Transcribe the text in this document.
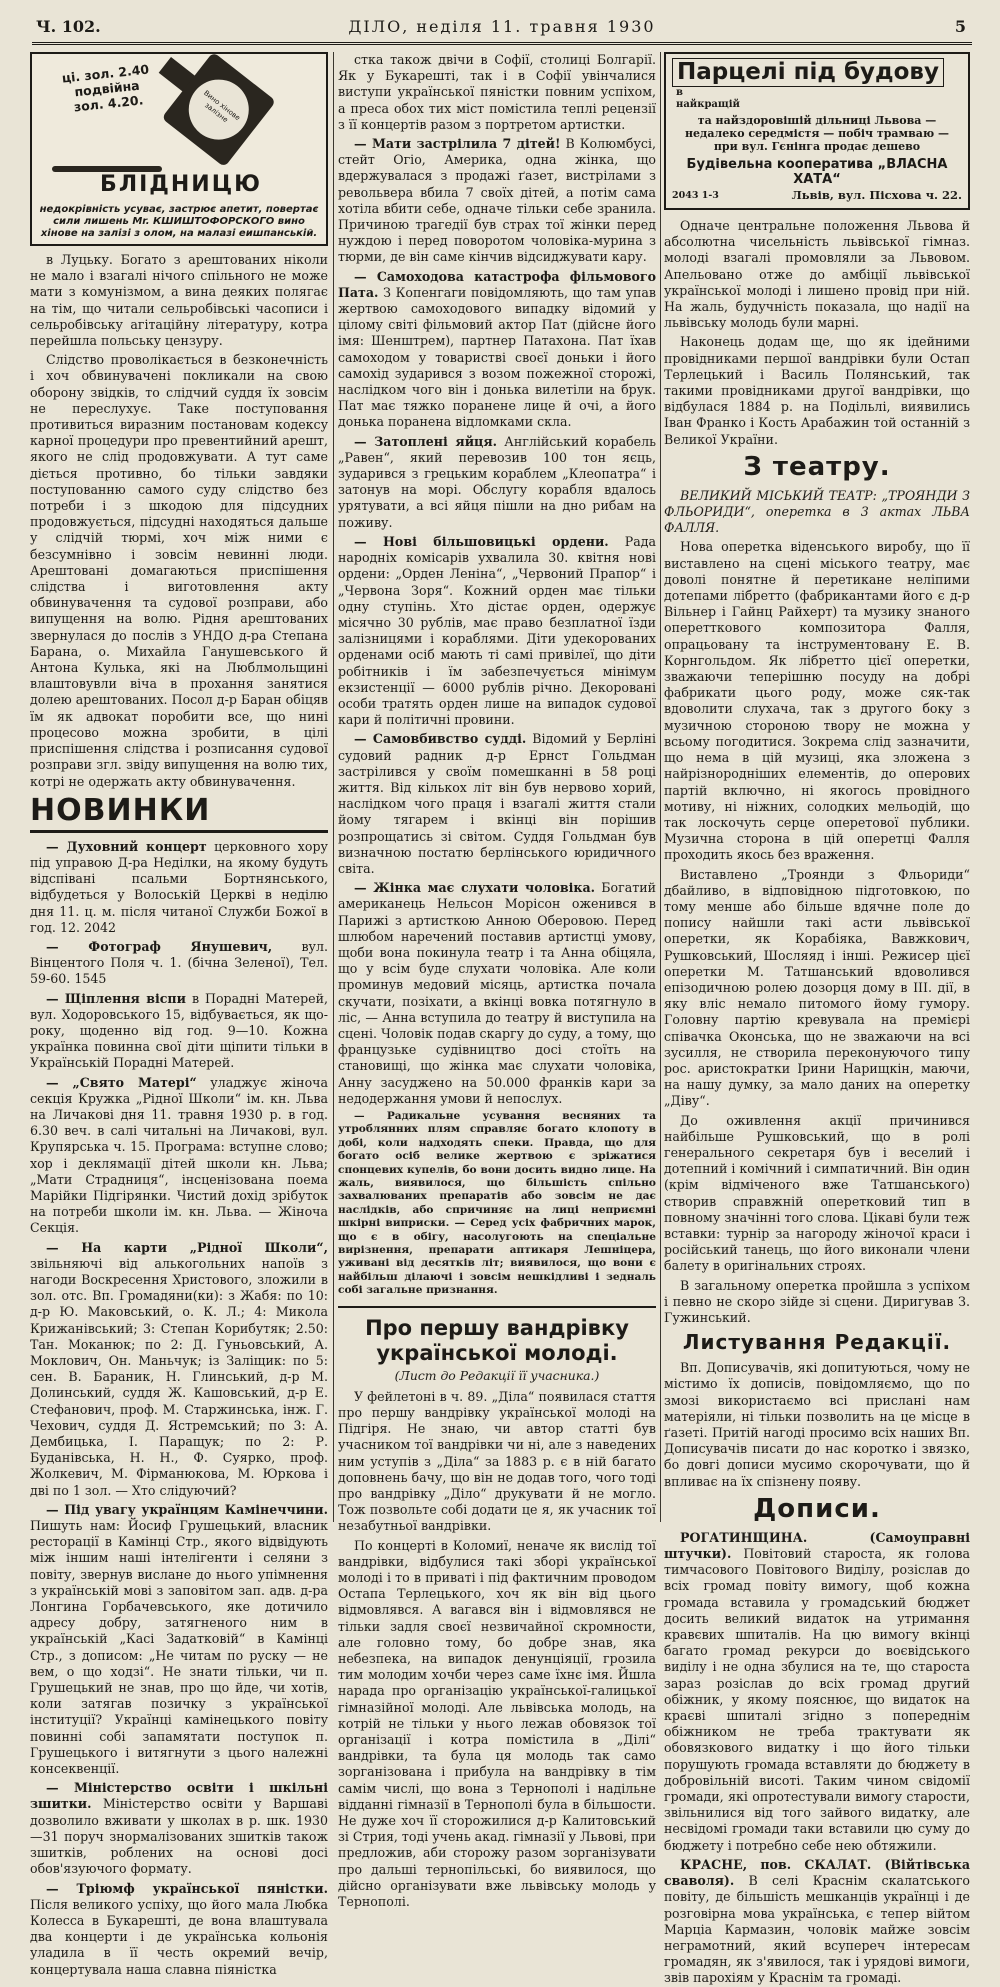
Ч. 102.	ДІЛО, неділя 11. травня 1930	5
ці. зол. 2.40 подвійна зол. 4.20.	Вино хінове залізне
БЛІДНИЦЮ
недокрівність усуває, застрює апетит, повертає сили лишень Мr. КШИШТОФОРСКОГО вино хінове на залізі з олом, на малазі еишпанській.

в Луцьку. Богато з арештованих ніколи не мало і взагалі нічого спільного не може мати з комунізмом, а вина деяких полягає на тім, що читали сельробівські часописи і сельробівську агітаційну літературу, котра перейшла польську цензуру.

Слідство проволікається в безконечність і хоч обвинувачені покликали на свою оборону звідків, то слідчий суддя їх зовсім не переслухує. Таке поступовання противиться виразним постановам кодексу карної процедури про превентийний арешт, якого не слід продовжувати. А тут саме діється противно, бо тільки завдяки поступованню самого суду слідство без потреби і з шкодою для підсудних продовжується, підсудні находяться дальше у слідчій тюрмі, хоч між ними є безсумнівно і зовсім невинні люди. Арештовані домагаються приспішення слідства і виготовлення акту обвинувачення та судової розправи, або випущення на волю. Рідня арештованих звернулася до послів з УНДО д-ра Степана Барана, о. Михайла Ганушевського й Антона Кулька, які на Люблмольщині влаштовувли віча в прохання занятися долею арештованих. Посол д-р Баран обіцяв їм як адвокат поробити все, що нині процесово можна зробити, в цілі приспішення слідства і розписання судової розправи згл. звіду випущення на волю тих, котрі не одержать акту обвинувачення.

НОВИНКИ

— Духовний концерт церковного хору під управою Д-ра Неділки, на якому будуть відспівані псальми Бортнянського, відбудеться у Волоській Церкві в неділю дня 11. ц. м. після читаної Служби Божої в год. 12. 2042

— Фотограф Янушевич, вул. Вінцентого Поля ч. 1. (бічна Зеленої), Тел. 59-60. 1545

— Щіплення віспи в Порадні Матерей, вул. Ходоровського 15, відбувається, як що-року, щоденно від год. 9—10. Кожна українка повинна свої діти щіпити тільки в Українській Порадні Матерей.

— „Свято Матері“ уладжує жіноча секція Кружка „Рідної Школи“ ім. кн. Льва на Личакові дня 11. травня 1930 р. в год. 6.30 веч. в салі читальні на Личакові, вул. Крупярська ч. 15. Програма: вступне слово; хор і деклямації дітей школи кн. Льва; „Мати Страдниця“, інсценізована поема Марійки Підгірянки. Чистий дохід зрібуток на потреби школи ім. кн. Льва. — Жіноча Секція.

— На карти „Рідної Школи“, звільняючі від алькогольних напоїв з нагоди Воскресення Христового, зложили в зол. отс. Вп. Громадяни(ки): з Жабя: по 10: д-р Ю. Маковський, о. К. Л.; 4: Микола Крижанівський; 3: Степан Корибутяк; 2.50: Тан. Моканюк; по 2: Д. Гуньовський, А. Моклович, Он. Маньчук; із Заліщик: по 5: сен. В. Бараник, Н. Глинський, д-р М. Долинський, суддя Ж. Кашовський, д-р Е. Стефанович, проф. М. Старжинська, інж. Г. Чехович, суддя Д. Ястремський; по 3: А. Дембицька, І. Паращук; по 2: Р. Буданівська, Н. Н., Ф. Суярко, проф. Жолкевич, М. Фірманюкова, М. Юркова і дві по 1 зол. — Хто слідуючий?

— Під увагу українцям Камінеччини. Пишуть нам: Йосиф Грушецький, власник ресторації в Камінці Стр., якого відвідують між іншим наші інтелігенти і селяни з повіту, звернув вислане до нього упімнення з українській мові з заповітом зап. адв. д-ра Лонгина Горбачевського, яке дотичило адресу добру, затягненого ним в українській „Касі Задатковій“ в Камінці Стр., з дописом: „Не читам по руску — не вем, о що ходзі“. Не знати тільки, чи п. Грушецький не знав, про що йде, чи хотів, коли затягав позичку з української інституції? Українці камінецького повіту повинні собі запамятати поступок п. Грушецького і витягнути з цього належні консеквенції.

— Міністерство освіти і шкільні зшитки. Міністерство освіти у Варшаві дозволило вживати у школах в р. шк. 1930—31 поруч знормалізованих зшитків також зшитків, роблених на основі досі обов'язуючого формату.

— Тріюмф української пяністки. Після великого успіху, що його мала Любка Колесса в Букарешті, де вона влаштувала два концерти і де українська кольонія уладила в її честь окремий вечір, концертувала наша славна піяністка

стка також двічи в Софії, столиці Болгарії. Як у Букарешті, так і в Софії увінчалися виступи української пяністки повним успіхом, а преса обох тих міст помістила теплі рецензії з її концертів разом з портретом артистки.

— Мати застрілила 7 дітей! В Колюмбусі, стейт Огіо, Америка, одна жінка, що вдержувалася з продажі ґазет, вистрілами з револьвера вбила 7 своїх дітей, а потім сама хотіла вбити себе, одначе тільки себе зранила. Причиною трагедії був страх тої жінки перед нуждою і перед поворотом чоловіка-мурина з тюрми, де він саме кінчив відсиджувати кару.

— Самоходова катастрофа фільмового Пата. З Копенгаги повідомляють, що там упав жертвою самоходового випадку відомий у цілому світі фільмовий актор Пат (дійсне його імя: Шенштрем), партнер Патахона. Пат їхав самоходом у товаристві своєї доньки і його самохід зударився з возом пожежної сторожі, наслідком чого він і донька вилетіли на брук. Пат має тяжко поранене лице й очі, а його донька поранена відломками скла.

— Затоплені яйця. Англійський корабель „Равен“, який перевозив 100 тон яєць, зударився з грецьким кораблем „Клеопатра“ і затонув на морі. Обслугу корабля вдалось урятувати, а всі яйця пішли на дно рибам на поживу.

— Нові більшовицькі ордени. Рада народніх комісарів ухвалила 30. квітня нові ордени: „Орден Леніна“, „Червоний Прапор“ і „Червона Зоря“. Кожний орден має тільки одну ступінь. Хто дістає орден, одержує місячно 30 рублів, має право безплатної їзди залізницями і кораблями. Діти удекорованих орденами осіб мають ті самі привілеї, що діти робітників і їм забезпечується мінімум екзистенції — 6000 рублів річно. Декоровані особи тратять орден лише на випадок судової кари й політичні провини.

— Самовбивство судді. Відомий у Берліні судовий радник д-р Ернст Гольдман застрілився у своїм помешканні в 58 році життя. Від кількох літ він був нервово хорий, наслідком чого праця і взагалі життя стали йому тягарем і вкінці він порішив розпрощатись зі світом. Суддя Гольдман був визначною постатю берлінського юридичного світа.

— Жінка має слухати чоловіка. Богатий американець Нельсон Морісон оженився в Парижі з артисткою Анною Оберовою. Перед шлюбом наречений поставив артистці умову, щоби вона покинула театр і та Анна обіцяла, що у всім буде слухати чоловіка. Але коли проминув медовий місяць, артистка почала скучати, позіхати, а вкінці вовка потягнуло в ліс, — Анна вступила до театру й виступила на сцені. Чоловік подав скаргу до суду, а тому, що французьке судівництво досі стоїть на становищі, що жінка має слухати чоловіка, Анну засуджено на 50.000 франків кари за недодержання умови й непослух.

— Радикальне усування весняних та утроблянних плям справляє богато клопоту в добі, коли надходять спеки. Правда, що для богато осіб велике жертвою є зріжатися спонцевих купелів, бо вони досить видно лице. На жаль, виявилося, що більшість спільно захвалюваних препаратів або зовсім не дає наслідків, або спричиняє на лиці неприємні шкірні виприски. — Серед усіх фабричних марок, що є в обігу, насолугоють на спеціальне вирізнення, препарати аптикаря Лешніцера, уживані від десятків літ; виявилося, що вони є найбільш ділаючі і зовсім нешкідливі і зедналь собі загальне признання.

Про першу вандрівку української молоді.
(Лист до Редакції її учасника.)

У фейлетоні в ч. 89. „Діла“ появилася стаття про першу вандрівку української молоді на Підгіря. Не знаю, чи автор статті був учасником тої вандрівки чи ні, але з наведених ним уступів з „Діла“ за 1883 р. є в ній багато доповнень бачу, що він не додав того, чого тоді про вандрівку „Діло“ друкувати й не могло. Тож позвольте собі додати це я, як учасник тої незабутньої вандрівки.

По концерті в Коломиї, неначе як вислід тої вандрівки, відбулися такі зборі української молоді і то в приваті і під фактичним проводом Остапа Терлецького, хоч як він від цього відмовлявся. А вагався він і відмовлявся не тільки задля своєї незвичайної скромности, але головно тому, бо добре знав, яка небезпека, на випадок денунціяції, грозила тим молодим хочби через саме їхнє імя. Йшла нарада про організацію української-галицької гімназійної молоді. Але львівська молодь, на котрій не тільки у нього лежав обовязок тої організації і котра помістила в „Ділі“ вандрівки, та була ця молодь так само зорганізована і прибула на вандрівку в тім самім числі, що вона з Тернополі і надільне відданні гімназії в Тернополі була в більшости. Не дуже хоч її сторожилися д-р Калитовський зі Стрия, тоді учень акад. гімназії у Львові, при предложив, аби сторожу разом зорганізувати про дальші тернопільські, бо виявилося, що дійсно організувати вже львівську молодь у Тернополі.

Парцелі під будовув найкращій
та найздоровішій дільниці Львова — недалеко середмістя — побіч трамваю — при вул. Гєнінга продає дешево
Будівельна кооператива „ВЛАСНА ХАТА“
2043 1-3	Львів, вул. Пісхова ч. 22.

Одначе центральне положення Львова й абсолютна чисельність львівської гімназ. молоді взагалі промовляли за Львовом. Апельовано отже до амбіції львівської української молоді і лишено провід при ній. На жаль, будучність показала, що надії на львівську молодь були марні.

Наконець додам ще, що як ідейними провідниками першої вандрівки були Остап Терлецький і Василь Полянський, так такими провідниками другої вандрівки, що відбулася 1884 р. на Подільлі, виявились Іван Франко і Кость Арабажин той останній з Великої України.

З театру.

ВЕЛИКИЙ МІСЬКИЙ ТЕАТР: „ТРОЯНДИ З ФЛЬОРИДИ“, оперетка в 3 актах ЛЬВА ФАЛЛЯ.

Нова оперетка віденського виробу, що її виставлено на сцені міського театру, має доволі понятне й перетикане неліпими дотепами лібретто (фабрикантами його є д-р Вільнер і Гайнц Райхерт) та музику знаного оперетткового композитора Фалля, опрацьовану та інструментовану Е. В. Корнгольдом. Як лібретто цієї оперетки, зважаючи теперішню посуду на добрі фабрикати цього роду, може сяк-так вдоволити слухача, так з другого боку з музичною стороною твору не можна у всьому погодитися. Зокрема слід зазначити, що нема в цій музиці, яка зложена з найрізнородніших елементів, до оперових партій включно, ні якогось провідного мотиву, ні ніжних, солодких мельодій, що так лоскочуть серце оперетової публики. Музична сторона в цій оперетці Фалля проходить якось без враження.

Виставлено „Троянди з Фльориди“ дбайливо, в відповідною підготовкою, по тому менше або більше вдячне поле до попису найшли такі асти львівської оперетки, як Корабіяка, Вавжкович, Рушковський, Шосляяд і інші. Режисер цієї оперетки М. Татшанський вдоволився епізодичною ролею дозорця дому в III. дії, в яку вліс немало питомого йому гумору. Головну партію кревувала на премієрі співачка Оконська, що не зважаючи на всі зусилля, не створила переконуючого типу рос. аристократки Ірини Нарищкін, маючи, на нашу думку, за мало даних на оперетку „Діву“.

До оживлення акції причинився найбільше Рушковський, що в ролі генерального секретаря був і веселий і дотепний і комічний і симпатичний. Він один (крім відміченого вже Татшанського) створив справжній оперетковий тип в повному значінні того слова. Цікаві були теж вставки: турнір за нагороду жіночої краси і російський танець, що його виконали члени балету в оригінальних строях.

В загальному оперетка пройшла з успіхом і певно не скоро зійде зі сцени. Диригував З. Гужинський.

Листування Редакції.

Вп. Дописувачів, які допитуються, чому не містимо їх дописів, повідомляємо, що по змозі використаємо всі прислані нам матеріяли, ні тільки позволить на це місце в ґазеті. Притій нагоді просимо всіх наших Вп. Дописувачів писати до нас коротко і звязко, бо довгі дописи мусимо скорочувати, що й впливає на їх спізнену появу.

Дописи.

РОГАТИНЩИНА. (Самоуправні штучки). Повітовий староста, як голова тимчасового Повітового Виділу, розіслав до всіх громад повіту вимогу, щоб кожна громада вставила у громадський бюджет досить великий видаток на утримання кравєвих шпиталів. На цю вимогу вкінці багато громад рекурси до воєвідського виділу і не одна збулися на те, що староста зараз розіслав до всіх громад другий обіжник, у якому пояснює, що видаток на краєві шпиталі згідно з попереднім обіжником не треба трактувати як обовязкового видатку і що його тільки порушують громада вставляти до бюджету в добровільній висоті. Таким чином свідомії громади, які опротестували вимогу старости, звільнилися від того зайвого видатку, але несвідомі громади таки вставили цю суму до бюджету і потребно себе нею обтяжили.

КРАСНЕ, пов. СКАЛАТ. (Війтівська сваволя). В селі Краснім скалатського повіту, де більшість мешканців українці і де розговірна мова українська, є тепер війтом Марціа Кармазин, чоловік майже зовсім неграмотний, який всупереч інтересам громадян, як з'явилося, так і урядові вимоги, звів парохіям у Краснім та громаді.
